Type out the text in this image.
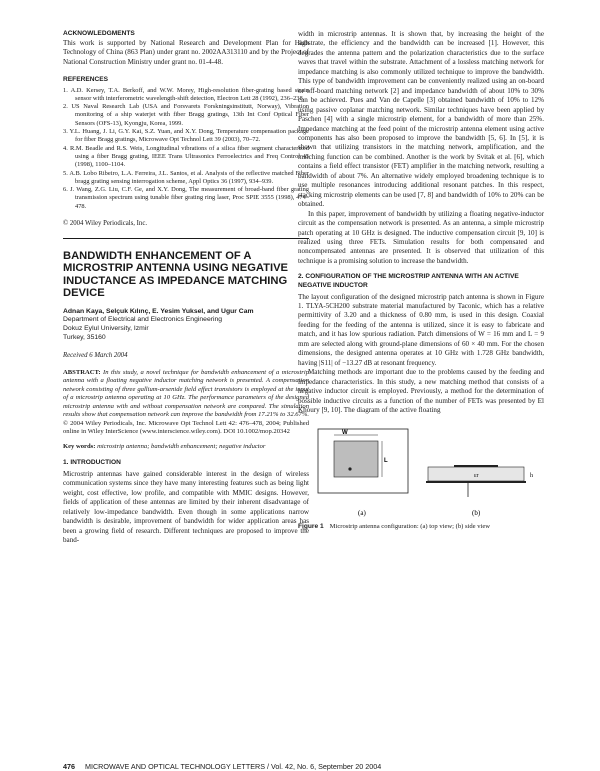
ACKNOWLEDGMENTS

This work is supported by National Research and Development Plan for High Technology of China (863 Plan) under grant no. 2002AA313110 and by the Project of National Construction Ministry under grant no. 01-4-48.

REFERENCES

1. A.D. Kersey, T.A. Berkoff, and W.W. Morey, High-resolution fiber-grating based strain sensor with interferometric wavelength-shift detection, Electron Lett 28 (1992), 236–238.
2. US Naval Research Lab (USA and Forsvarets Forskningsinstitutt, Norway), Vibration monitoring of a ship waterjet with fiber Bragg gratings, 13th Int Conf Optical Fiber Sensors (OFS-13), Kyongju, Korea, 1999.
3. Y.L. Huang, J. Li, G.Y. Kai, S.Z. Yuan, and X.Y. Dong, Temperature compensation package for fiber Bragg gratings, Microwave Opt Technol Lett 39 (2003), 70–72.
4. R.M. Beadle and R.S. Weis, Longitudinal vibrations of a silica fiber segment characterized using a fiber Bragg grating, IEEE Trans Ultrasonics Ferroelectrics and Freq Control 45 (1998), 1100–1104.
5. A.B. Lobo Ribeiro, L.A. Ferreira, J.L. Santos, et al. Analysis of the reflective matched Fiber bragg grating sensing interrogation scheme, Appl Optics 36 (1997), 934–939.
6. J. Wang, Z.G. Liu, C.F. Ge, and X.Y. Dong, The measurement of broad-band fiber grating transmission spectrum using tunable fiber grating ring laser, Proc SPIE 3555 (1998), 474–478.

© 2004 Wiley Periodicals, Inc.

BANDWIDTH ENHANCEMENT OF A MICROSTRIP ANTENNA USING NEGATIVE INDUCTANCE AS IMPEDANCE MATCHING DEVICE

Adnan Kaya, Selçuk Kılınç, E. Yesim Yuksel, and Ugur Cam

Department of Electrical and Electronics Engineering

Dokuz Eylul University, Izmir

Turkey, 35160

Received 6 March 2004

ABSTRACT: In this study, a novel technique for bandwidth enhancement of a microstrip antenna with a floating negative inductor matching network is presented. A compensation network consisting of three gallium-arsenide field effect transistors is employed at the input of a microstrip antenna operating at 10 GHz. The performance parameters of the designed microstrip antenna with and without compensation network are compared. The simulation results show that compensation network can improve the bandwidth from 17.21% to 32.67%. © 2004 Wiley Periodicals, Inc. Microwave Opt Technol Lett 42: 476–478, 2004; Published online in Wiley InterScience (www.interscience.wiley.com). DOI 10.1002/mop.20342

Key words: microstrip antenna; bandwidth enhancement; negative inductor

1. INTRODUCTION

Microstrip antennas have gained considerable interest in the design of wireless communication systems since they have many interesting features such as being light weight, cost effective, low profile, and compatible with MMIC designs. However, fields of application of these antennas are limited by their inherent disadvantage of relatively low-impedance bandwidth. Even though in some applications narrow bandwidth is desirable, improvement of bandwidth for wider application areas has been a growing field of research. Different techniques are proposed to improve the band-

width in microstrip antennas. It is shown that, by increasing the height of the substrate, the efficiency and the bandwidth can be increased [1]. However, this degrades the antenna pattern and the polarization characteristics due to the surface waves that travel within the substrate. Attachment of a lossless matching network for impedance matching is also commonly utilized technique to improve the bandwidth. This type of bandwidth improvement can be conveniently realized using an on-board or off-board matching network [2] and impedance bandwidth of about 10% to 30% can be achieved. Pues and Van de Capelle [3] obtained bandwidth of 10% to 12% using passive coplanar matching network. Similar techniques have been applied by Paschen [4] with a single microstrip element, for a bandwidth of more than 25%. Impedance matching at the feed point of the microstrip antenna element using active components has also been proposed to improve the bandwidth [5, 6]. In [5], it is shown that utilizing transistors in the matching network, amplification, and the matching function can be combined. Another is the work by Svitak et al. [6], which contains a field effect transistor (FET) amplifier in the matching network, resulting a bandwidth of about 7%. An alternative widely employed broadening technique is to use multiple resonances introducing additional resonant patches. In this respect, stacking microstrip elements can be used [7, 8] and bandwidth of 10% to 20% can be obtained.

In this paper, improvement of bandwidth by utilizing a floating negative-inductor circuit as the compensation network is presented. As an antenna, a simple microstrip patch operating at 10 GHz is designed. The inductive compensation circuit [9, 10] is realized using three FETs. Simulation results for both compensated and noncompensated antennas are presented. It is observed that utilization of this technique is a promising solution to increase the bandwidth.

2. CONFIGURATION OF THE MICROSTRIP ANTENNA WITH AN ACTIVE NEGATIVE INDUCTOR

The layout configuration of the designed microstrip patch antenna is shown in Figure 1. TLYA-5CH200 substrate material manufactured by Taconic, which has a relative permittivity of 3.20 and a thickness of 0.80 mm, is used in this design. Coaxial feeding for the feeding of the antenna is utilized, since it is easy to fabricate and match, and it has low spurious radiation. Patch dimensions of W = 16 mm and L = 9 mm are selected along with ground-plane dimensions of 60 × 40 mm. For the chosen dimensions, the designed antenna operates at 10 GHz with 1.728 GHz bandwidth, having |S11| of −13.27 dB at resonant frequency.

Matching methods are important due to the problems caused by the feeding and impedance characteristics. In this study, a new matching method that consists of a negative inductor circuit is employed. Previously, a method for the determination of possible inductive circuits as a function of the number of FETs was presented by El Khoury [9, 10]. The diagram of the active floating

W
L
h
εr
(a)	(b)

Figure 1 Microstrip antenna configuration: (a) top view; (b) side view

476 MICROWAVE AND OPTICAL TECHNOLOGY LETTERS / Vol. 42, No. 6, September 20 2004
